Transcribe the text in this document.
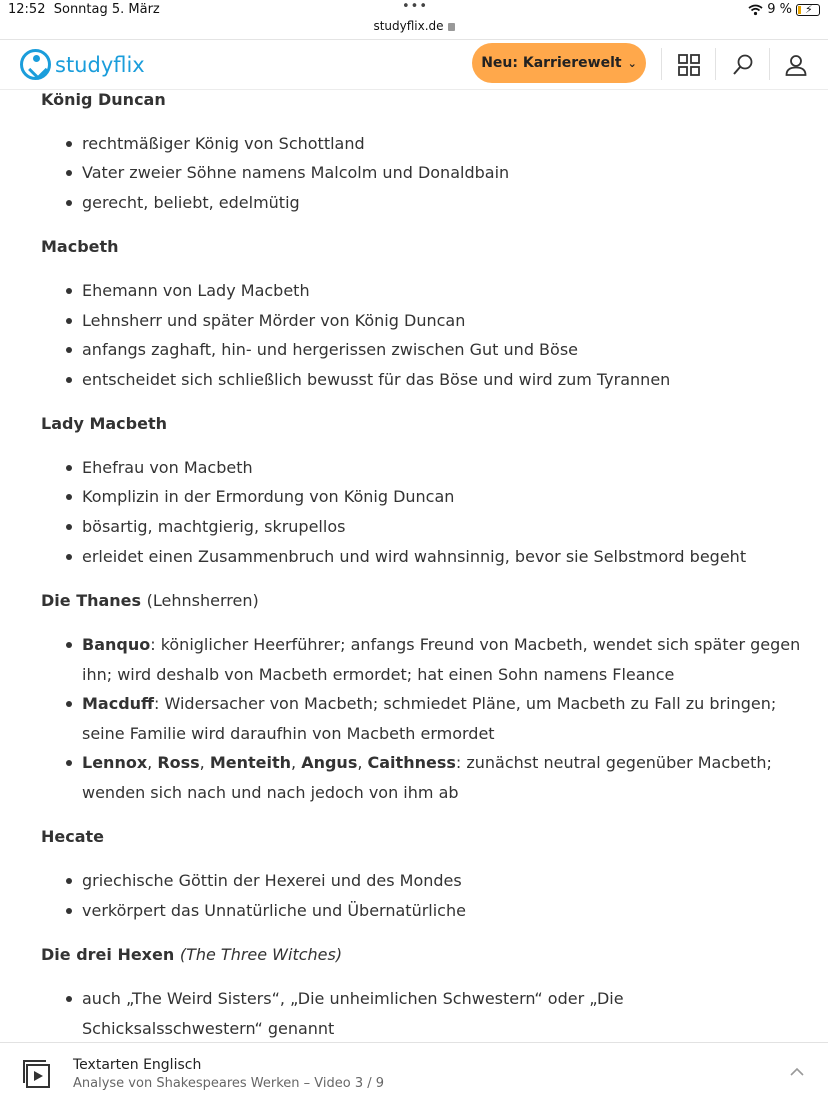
12:52 Sonntag 5. März	•••
studyflix.de
9 % ⚡
studyflix	Neu: Karrierewelt ⌄
König Duncan
rechtmäßiger König von Schottland
Vater zweier Söhne namens Malcolm und Donaldbain
gerecht, beliebt, edelmütig
Macbeth
Ehemann von Lady Macbeth
Lehnsherr und später Mörder von König Duncan
anfangs zaghaft, hin- und hergerissen zwischen Gut und Böse
entscheidet sich schließlich bewusst für das Böse und wird zum Tyrannen
Lady Macbeth
Ehefrau von Macbeth
Komplizin in der Ermordung von König Duncan
bösartig, machtgierig, skrupellos
erleidet einen Zusammenbruch und wird wahnsinnig, bevor sie Selbstmord begeht
Die Thanes (Lehnsherren)
Banquo: königlicher Heerführer; anfangs Freund von Macbeth, wendet sich später gegen ihn; wird deshalb von Macbeth ermordet; hat einen Sohn namens Fleance
Macduff: Widersacher von Macbeth; schmiedet Pläne, um Macbeth zu Fall zu bringen; seine Familie wird daraufhin von Macbeth ermordet
Lennox, Ross, Menteith, Angus, Caithness: zunächst neutral gegenüber Macbeth; wenden sich nach und nach jedoch von ihm ab
Hecate
griechische Göttin der Hexerei und des Mondes
verkörpert das Unnatürliche und Übernatürliche
Die drei Hexen (The Three Witches)
auch „The Weird Sisters“, „Die unheimlichen Schwestern“ oder „Die Schicksalsschwestern“ genannt
Textarten Englisch
Analyse von Shakespeares Werken – Video 3 / 9
